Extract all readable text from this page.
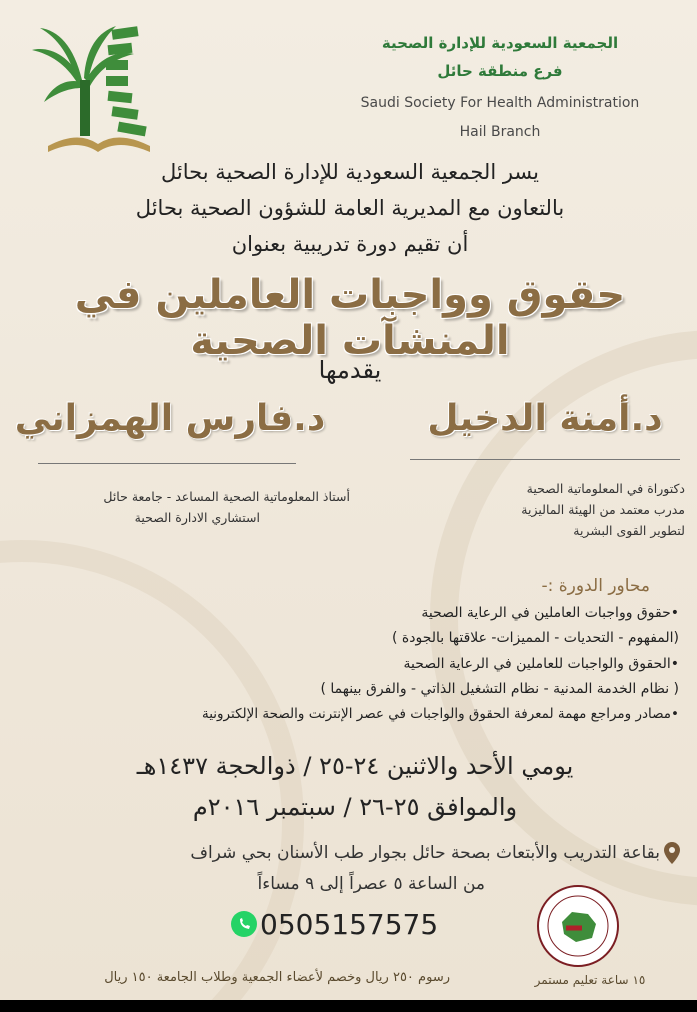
الجمعية السعودية للإدارة الصحية
فرع منطقة حائل
Saudi Society For Health Administration
Hail Branch
يسر الجمعية السعودية للإدارة الصحية بحائل
بالتعاون مع المديرية العامة للشؤون الصحية بحائل
أن تقيم دورة تدريبية بعنوان
حقوق وواجبات العاملين في المنشآت الصحية
يقدمها
د.أمنة الدخيل
دكتوراة في المعلوماتية الصحية
مدرب معتمد من الهيئة الماليزية
لتطوير القوى البشرية
د.فارس الهمزاني
أستاذ المعلوماتية الصحية المساعد - جامعة حائل
استشاري الادارة الصحية
محاور الدورة :-
•حقوق وواجبات العاملين في الرعاية الصحية
(المفهوم - التحديات - المميزات- علاقتها بالجودة )
•الحقوق والواجبات للعاملين في الرعاية الصحية
( نظام الخدمة المدنية - نظام التشغيل الذاتي - والفرق بينهما )
•مصادر ومراجع مهمة لمعرفة الحقوق والواجبات في عصر الإنترنت والصحة الإلكترونية
يومي الأحد والاثنين ٢٤-٢٥ / ذوالحجة ١٤٣٧هـ
والموافق ٢٥-٢٦ / سبتمبر ٢٠١٦م
بقاعة التدريب والأبتعاث بصحة حائل بجوار طب الأسنان بحي شراف
من الساعة ٥ عصراً إلى ٩ مساءاً
0505157575
رسوم ٢٥٠ ريال وخصم لأعضاء الجمعية وطلاب الجامعة ١٥٠ ريال	١٥ ساعة تعليم مستمر
